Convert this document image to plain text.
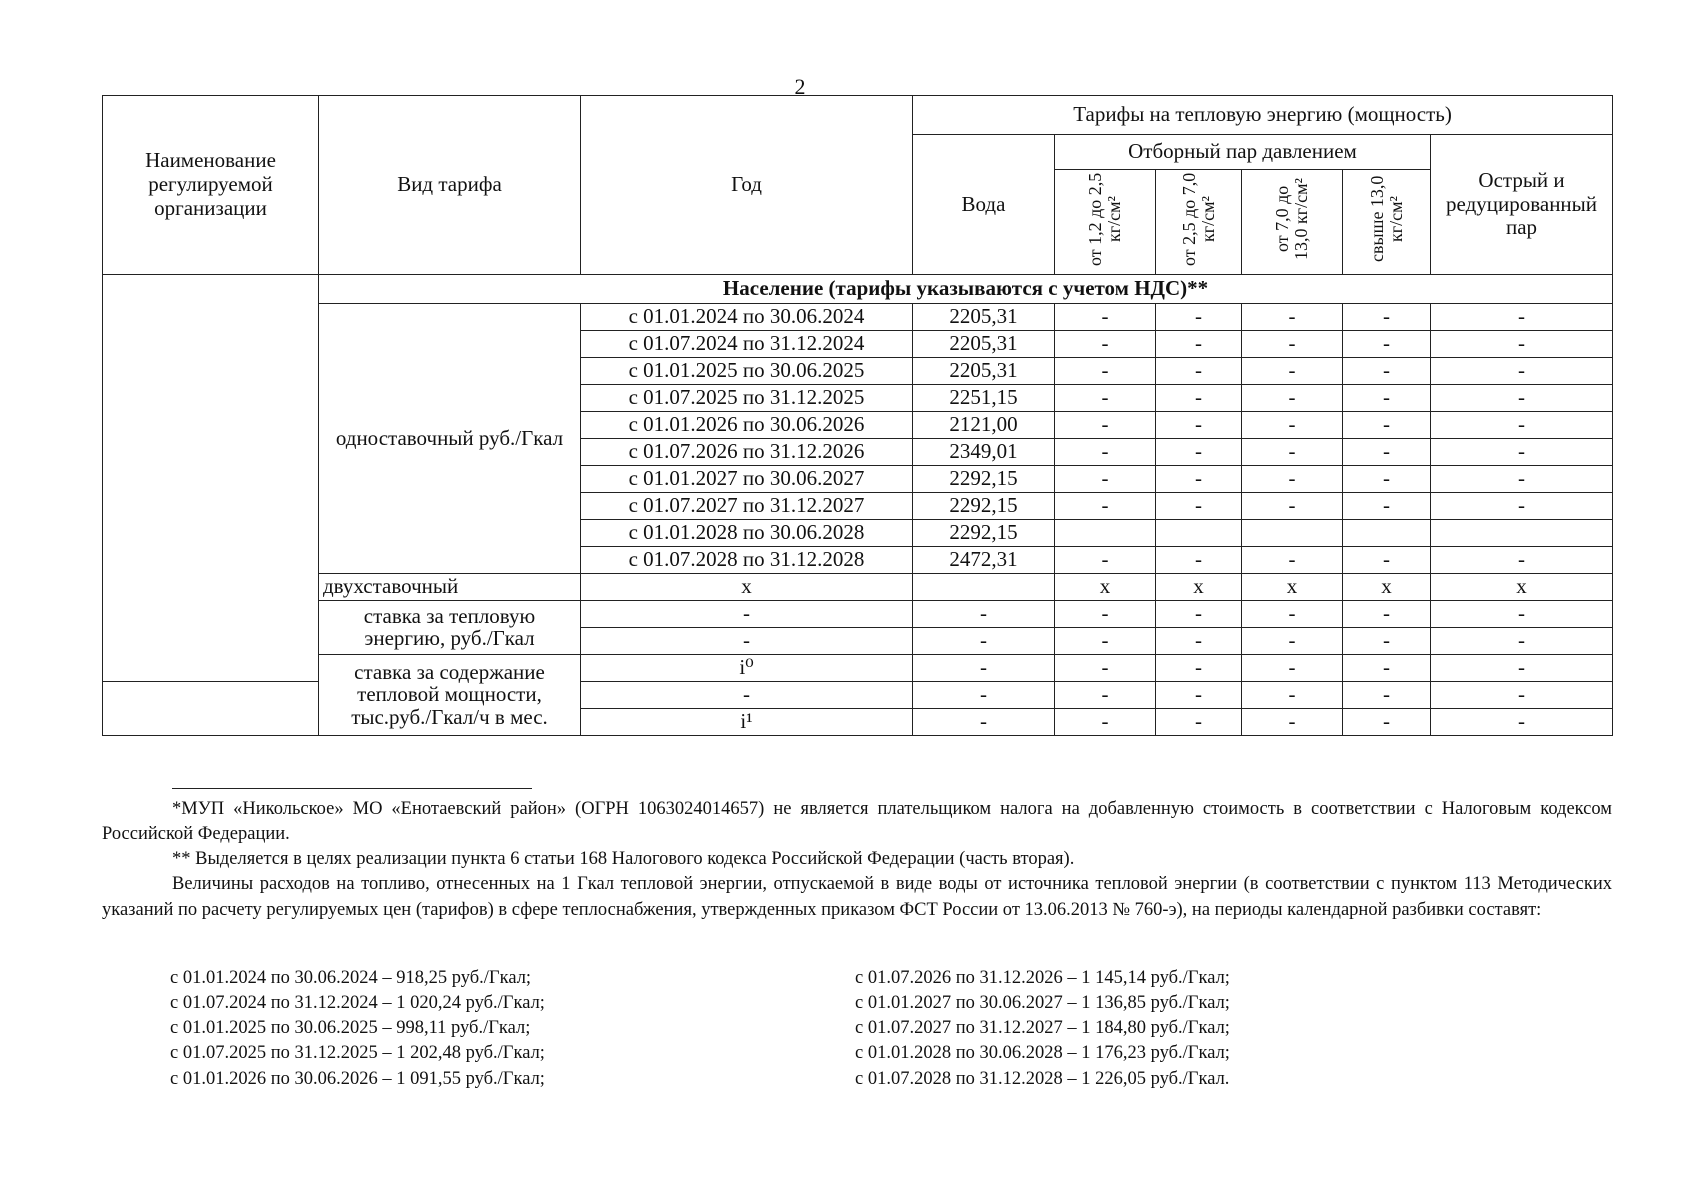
2
Наименование регулируемой организации	Вид тарифа	Год	Тарифы на тепловую энергию (мощность)					
			Вода	Отборный пар давлением				Острый и редуцированный пар
				от 1,2 до 2,5 кг/см²	от 2,5 до 7,0 кг/см²	от 7,0 до 13,0 кг/см²	свыше 13,0 кг/см²	
	Население (тарифы указываются с учетом НДС)**							
	одноставочный руб./Гкал	с 01.01.2024 по 30.06.2024	2205,31	-	-	-	-	-
		с 01.07.2024 по 31.12.2024	2205,31	-	-	-	-	-
		с 01.01.2025 по 30.06.2025	2205,31	-	-	-	-	-
		с 01.07.2025 по 31.12.2025	2251,15	-	-	-	-	-
		с 01.01.2026 по 30.06.2026	2121,00	-	-	-	-	-
		с 01.07.2026 по 31.12.2026	2349,01	-	-	-	-	-
		с 01.01.2027 по 30.06.2027	2292,15	-	-	-	-	-
		с 01.07.2027 по 31.12.2027	2292,15	-	-	-	-	-
		с 01.01.2028 по 30.06.2028	2292,15					
		с 01.07.2028 по 31.12.2028	2472,31	-	-	-	-	-
	двухставочный	x		x	x	x	x	x
	ставка за тепловую энергию, руб./Гкал	-	-	-	-	-	-	-
		-	-	-	-	-	-	-
	ставка за содержание тепловой мощности, тыс.руб./Гкал/ч в мес.	i⁰	-	-	-	-	-	-
		-	-	-	-	-	-	-
		i¹	-	-	-	-	-	-

*МУП «Никольское» МО «Енотаевский район» (ОГРН 1063024014657) не является плательщиком налога на добавленную стоимость в соответствии с Налоговым кодексом Российской Федерации.

** Выделяется в целях реализации пункта 6 статьи 168 Налогового кодекса Российской Федерации (часть вторая).

Величины расходов на топливо, отнесенных на 1 Гкал тепловой энергии, отпускаемой в виде воды от источника тепловой энергии (в соответствии с пунктом 113 Методических указаний по расчету регулируемых цен (тарифов) в сфере теплоснабжения, утвержденных приказом ФСТ России от 13.06.2013 № 760-э), на периоды календарной разбивки составят:

с 01.01.2024 по 30.06.2024 – 918,25 руб./Гкал;
с 01.07.2024 по 31.12.2024 – 1 020,24 руб./Гкал;
с 01.01.2025 по 30.06.2025 – 998,11 руб./Гкал;
с 01.07.2025 по 31.12.2025 – 1 202,48 руб./Гкал;
с 01.01.2026 по 30.06.2026 – 1 091,55 руб./Гкал;
с 01.07.2026 по 31.12.2026 – 1 145,14 руб./Гкал;
с 01.01.2027 по 30.06.2027 – 1 136,85 руб./Гкал;
с 01.07.2027 по 31.12.2027 – 1 184,80 руб./Гкал;
с 01.01.2028 по 30.06.2028 – 1 176,23 руб./Гкал;
с 01.07.2028 по 31.12.2028 – 1 226,05 руб./Гкал.
